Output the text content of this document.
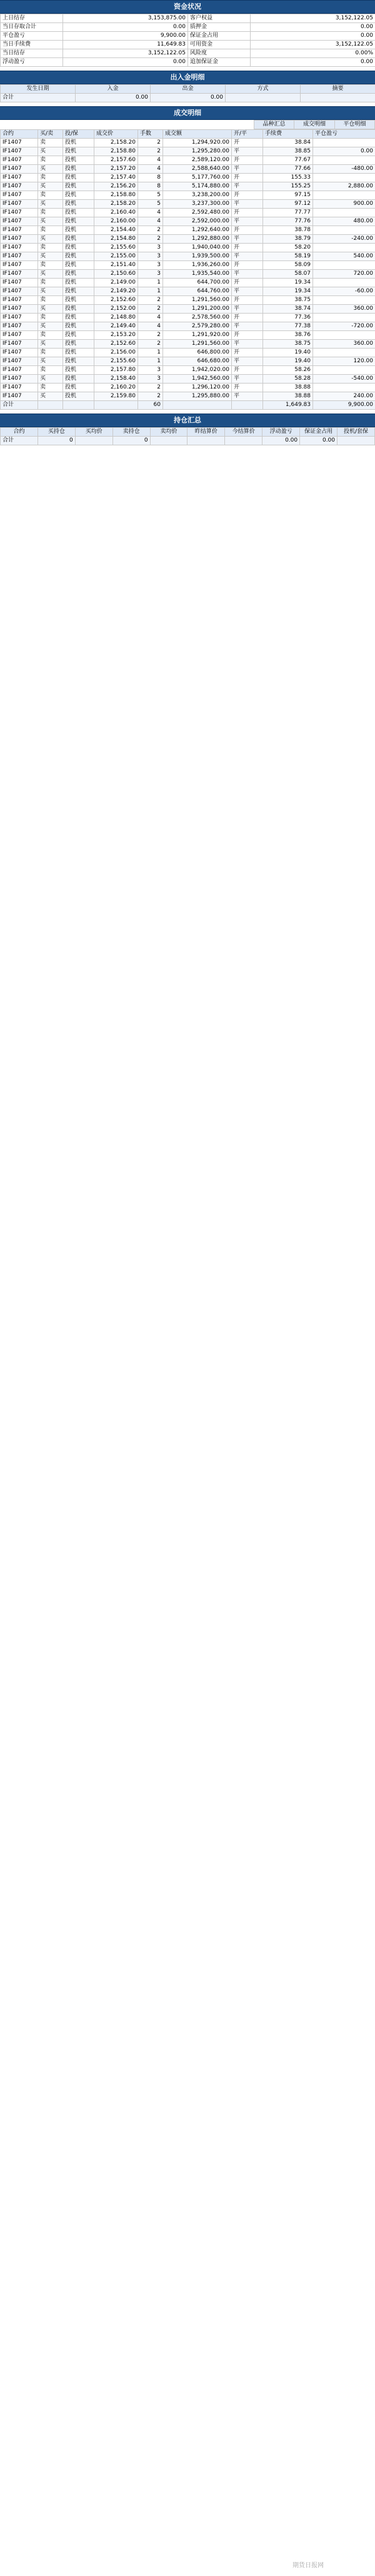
资金状况
上日结存	3,153,875.00	客户权益	3,152,122.05
当日存取合计	0.00	质押金	0.00
平仓盈亏	9,900.00	保证金占用	0.00
当日手续费	11,649.83	可用资金	3,152,122.05
当日结存	3,152,122.05	风险度	0.00%
浮动盈亏	0.00	追加保证金	0.00
出入金明细
发生日期	入金	出金	方式	摘要
合计	0.00	0.00		
成交明细
	品种汇总	成交明细	平仓明细
合约	买/卖	投/保	成交价	手数	成交额	开/平	手续费	平仓盈亏
IF1407	卖	投机	2,158.20	2	1,294,920.00	开	38.84	
IF1407	买	投机	2,158.80	2	1,295,280.00	平	38.85	0.00
IF1407	卖	投机	2,157.60	4	2,589,120.00	开	77.67	
IF1407	买	投机	2,157.20	4	2,588,640.00	平	77.66	-480.00
IF1407	卖	投机	2,157.40	8	5,177,760.00	开	155.33	
IF1407	买	投机	2,156.20	8	5,174,880.00	平	155.25	2,880.00
IF1407	卖	投机	2,158.80	5	3,238,200.00	开	97.15	
IF1407	买	投机	2,158.20	5	3,237,300.00	平	97.12	900.00
IF1407	卖	投机	2,160.40	4	2,592,480.00	开	77.77	
IF1407	买	投机	2,160.00	4	2,592,000.00	平	77.76	480.00
IF1407	卖	投机	2,154.40	2	1,292,640.00	开	38.78	
IF1407	买	投机	2,154.80	2	1,292,880.00	平	38.79	-240.00
IF1407	卖	投机	2,155.60	3	1,940,040.00	开	58.20	
IF1407	买	投机	2,155.00	3	1,939,500.00	平	58.19	540.00
IF1407	卖	投机	2,151.40	3	1,936,260.00	开	58.09	
IF1407	买	投机	2,150.60	3	1,935,540.00	平	58.07	720.00
IF1407	卖	投机	2,149.00	1	644,700.00	开	19.34	
IF1407	买	投机	2,149.20	1	644,760.00	平	19.34	-60.00
IF1407	卖	投机	2,152.60	2	1,291,560.00	开	38.75	
IF1407	买	投机	2,152.00	2	1,291,200.00	平	38.74	360.00
IF1407	卖	投机	2,148.80	4	2,578,560.00	开	77.36	
IF1407	买	投机	2,149.40	4	2,579,280.00	平	77.38	-720.00
IF1407	卖	投机	2,153.20	2	1,291,920.00	开	38.76	
IF1407	买	投机	2,152.60	2	1,291,560.00	平	38.75	360.00
IF1407	卖	投机	2,156.00	1	646,800.00	开	19.40	
IF1407	买	投机	2,155.60	1	646,680.00	平	19.40	120.00
IF1407	卖	投机	2,157.80	3	1,942,020.00	开	58.26	
IF1407	买	投机	2,158.40	3	1,942,560.00	平	58.28	-540.00
IF1407	卖	投机	2,160.20	2	1,296,120.00	开	38.88	
IF1407	买	投机	2,159.80	2	1,295,880.00	平	38.88	240.00
合计				60			1,649.83	9,900.00
持仓汇总
合约	买持仓	买均价	卖持仓	卖均价	昨结算价	今结算价	浮动盈亏	保证金占用	投机/套保
合计	0		0				0.00	0.00	
期货日报网
